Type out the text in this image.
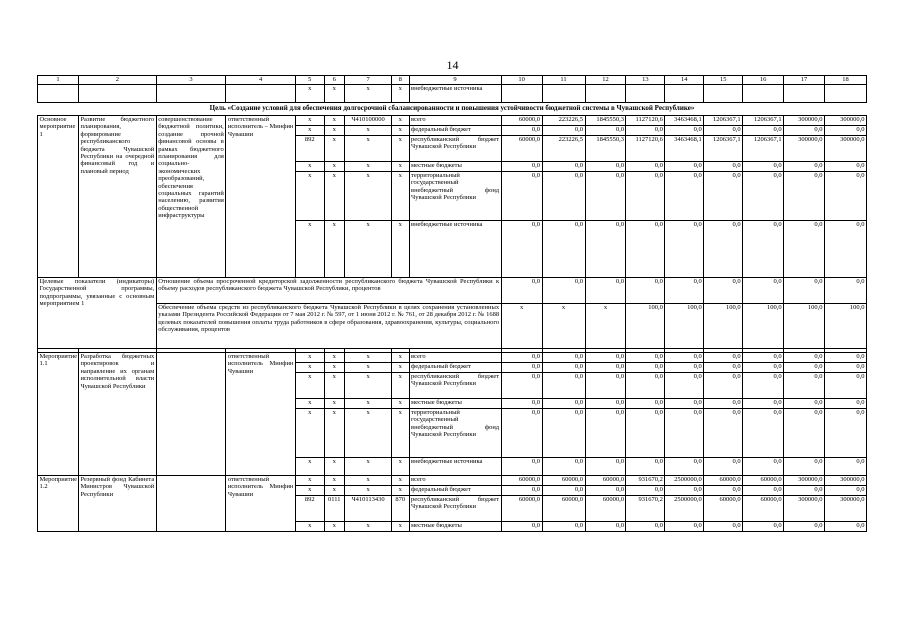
14
1	2	3	4	5	6	7	8	9	10	11	12	13	14	15	16	17	18
				x	x	x	x	внебюджетные источника									
Цель «Создание условий для обеспечения долгосрочной сбалансированности и повышения устойчивости бюджетной системы в Чувашской Республике»																	
Основное мероприятие 1	Развитие бюджетного планирования, формирование республиканского бюджета Чувашской Республики на очередной финансовый год и плановый период	совершенствование бюджетной политики, создание прочной финансовой основы в рамках бюджетного планирования для социально-экономических преобразований, обеспечения социальных гарантий населению, развития общественной инфраструктуры	ответственный исполнитель – Минфин Чувашии	x	x	Ч410100000	x	всего	60000,0	223226,5	1845550,3	1127120,6	3463468,1	1206367,1	1206367,1	300000,0	300000,0
				x	x	x	x	федеральный бюджет	0,0	0,0	0,0	0,0	0,0	0,0	0,0	0,0	0,0
				892	x	x	x	республиканский бюджет Чувашской Республики	60000,0	223226,5	1845550,3	1127120,6	3463468,1	1206367,1	1206367,1	300000,0	300000,0
				x	x	x	x	местные бюджеты	0,0	0,0	0,0	0,0	0,0	0,0	0,0	0,0	0,0
				x	x	x	x	территориальный государственный внебюджетный фонд Чувашской Республики	0,0	0,0	0,0	0,0	0,0	0,0	0,0	0,0	0,0
				x	x	x	x	внебюджетные источника	0,0	0,0	0,0	0,0	0,0	0,0	0,0	0,0	0,0
Целевые показатели (индикаторы) Государственной программы, подпрограммы, увязанные с основным мероприятием 1		Отношение объема просроченной кредиторской задолженности республиканского бюджета Чувашской Республики к объему расходов республиканского бюджета Чувашской Республики, процентов							0,0	0,0	0,0	0,0	0,0	0,0	0,0	0,0	0,0
		Обеспечение объема средств из республиканского бюджета Чувашской Республики в целях сохранения установленных указами Президента Российской Федерации от 7 мая 2012 г. № 597, от 1 июня 2012 г. № 761, от 28 декабря 2012 г. № 1688 целевых показателей повышения оплаты труда работников в сфере образования, здравоохранения, культуры, социального обслуживания, процентов							x	x	x	100,0	100,0	100,0	100,0	100,0	100,0

Мероприятие 1.1	Разработка бюджетных проектировок и направление их органам исполнительной власти Чувашской Республики		ответственный исполнитель Минфин Чувашии	x	x	x	x	всего	0,0	0,0	0,0	0,0	0,0	0,0	0,0	0,0	0,0
				x	x	x	x	федеральный бюджет	0,0	0,0	0,0	0,0	0,0	0,0	0,0	0,0	0,0
				x	x	x	x	республиканский бюджет Чувашской Республики	0,0	0,0	0,0	0,0	0,0	0,0	0,0	0,0	0,0
				x	x	x	x	местные бюджеты	0,0	0,0	0,0	0,0	0,0	0,0	0,0	0,0	0,0
				x	x	x	x	территориальный государственный внебюджетный фонд Чувашской Республики	0,0	0,0	0,0	0,0	0,0	0,0	0,0	0,0	0,0
				x	x	x	x	внебюджетные источника	0,0	0,0	0,0	0,0	0,0	0,0	0,0	0,0	0,0
Мероприятие 1.2	Резервный фонд Кабинета Министров Чувашской Республики		ответственный исполнитель Минфин Чувашии	x	x	x	x	всего	60000,0	60000,0	60000,0	931670,2	2500000,0	60000,0	60000,0	300000,0	300000,0
				x	x	x	x	федеральный бюджет	0,0	0,0	0,0	0,0	0,0	0,0	0,0	0,0	0,0
				892	0111	Ч410113430	870	республиканский бюджет Чувашской Республики	60000,0	60000,0	60000,0	931670,2	2500000,0	60000,0	60000,0	300000,0	300000,0
				x	x	x	x	местные бюджеты	0,0	0,0	0,0	0,0	0,0	0,0	0,0	0,0	0,0
